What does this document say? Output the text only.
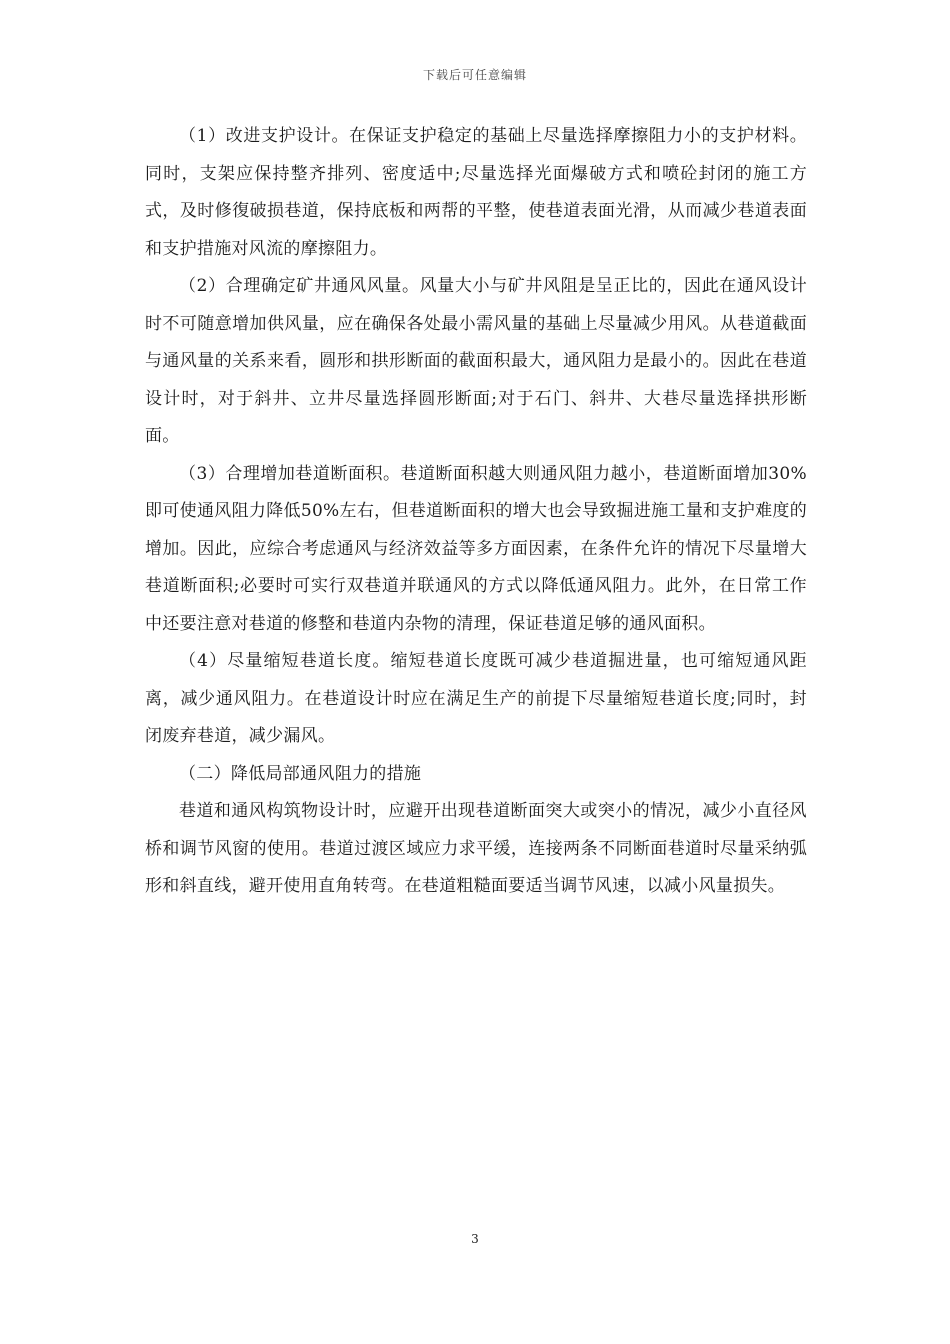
下载后可任意编辑

（1）改进支护设计。在保证支护稳定的基础上尽量选择摩擦阻力小的支护材料。同时，支架应保持整齐排列、密度适中;尽量选择光面爆破方式和喷砼封闭的施工方式，及时修復破损巷道，保持底板和两帮的平整，使巷道表面光滑，从而减少巷道表面和支护措施对风流的摩擦阻力。

（2）合理确定矿井通风风量。风量大小与矿井风阻是呈正比的，因此在通风设计时不可随意增加供风量，应在确保各处最小需风量的基础上尽量减少用风。从巷道截面与通风量的关系来看，圆形和拱形断面的截面积最大，通风阻力是最小的。因此在巷道设计时，对于斜井、立井尽量选择圆形断面;对于石门、斜井、大巷尽量选择拱形断面。

（3）合理增加巷道断面积。巷道断面积越大则通风阻力越小，巷道断面增加30%即可使通风阻力降低50%左右，但巷道断面积的增大也会导致掘进施工量和支护难度的增加。因此，应综合考虑通风与经济效益等多方面因素，在条件允许的情况下尽量增大巷道断面积;必要时可实行双巷道并联通风的方式以降低通风阻力。此外，在日常工作中还要注意对巷道的修整和巷道内杂物的清理，保证巷道足够的通风面积。

（4）尽量缩短巷道长度。缩短巷道长度既可减少巷道掘进量，也可缩短通风距离，减少通风阻力。在巷道设计时应在满足生产的前提下尽量缩短巷道长度;同时，封闭废弃巷道，减少漏风。

（二）降低局部通风阻力的措施

巷道和通风构筑物设计时，应避开出现巷道断面突大或突小的情况，减少小直径风桥和调节风窗的使用。巷道过渡区域应力求平缓，连接两条不同断面巷道时尽量采纳弧形和斜直线，避开使用直角转弯。在巷道粗糙面要适当调节风速，以减小风量损失。

3
